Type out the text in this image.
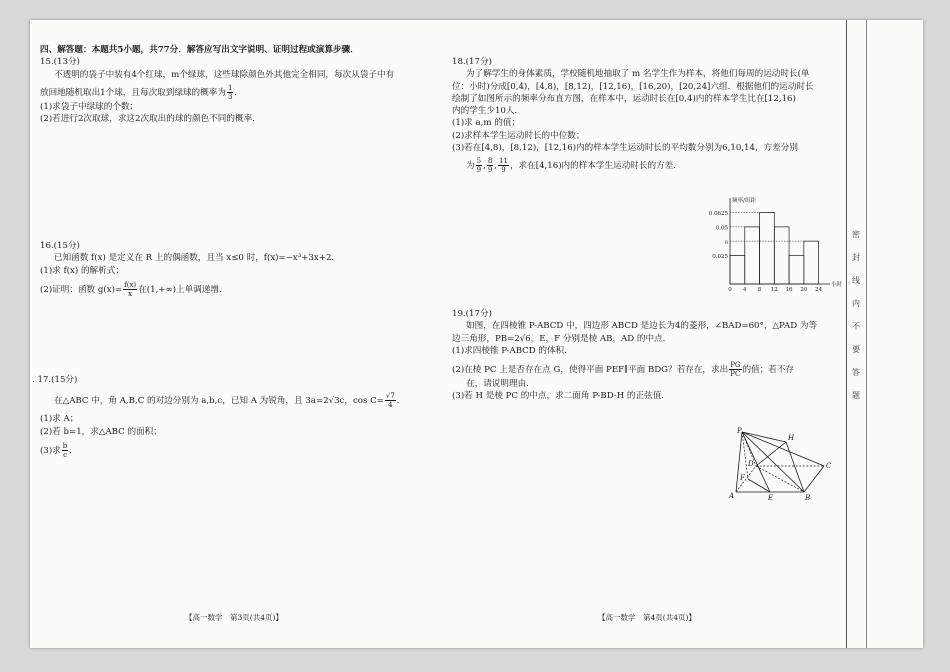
密
封
线
内
不
要
答
题
四、解答题：本题共5小题，共77分．解答应写出文字说明、证明过程或演算步骤．
15.(13分)
不透明的袋子中装有4个红球，m个绿球，这些球除颜色外其他完全相同，每次从袋子中有
放回地随机取出1个球，且每次取到绿球的概率为 $\frac{1}{3}$ ．
(1)求袋子中绿球的个数；
(2)若进行2次取球，求这2次取出的球的颜色不同的概率．
16.(15分)
已知函数 f(x) 是定义在 R 上的偶函数，且当 x≤0 时，f(x)=−x³+3x+2．
(1)求 f(x) 的解析式；
(2)证明：函数 $g(x)= \frac{f(x)}{x}$ 在(1,+∞)上单调递增．
. 17.(15分)
在△ABC 中，角 A,B,C 的对边分别为 a,b,c，已知 A 为锐角，且 3a=2√3c，$\cos C= \frac{√7}{4}$ ．
(1)求 A；
(2)若 b=1，求△ABC 的面积；
(3)求 $\frac{b}{c}$ ．
【高一数学　第3页(共4页)】
18.(17分)
为了解学生的身体素质，学校随机地抽取了 m 名学生作为样本，将他们每周的运动时长(单
位：小时)分成[0,4)，[4,8)，[8,12)，[12,16)，[16,20)，[20,24]六组．根据他们的运动时长
绘制了如图所示的频率分布直方图，在样本中，运动时长在[0,4)内的样本学生比在[12,16)
内的学生少10人．
(1)求 a,m 的值；
(2)求样本学生运动时长的中位数；
(3)若在[4,8)，[8,12)，[12,16)内的样本学生运动时长的平均数分别为6,10,14，方差分别
为 $\frac{5}{9}$ , $\frac{8}{9}$ , $\frac{11}{9}$ ，求在[4,16)内的样本学生运动时长的方差．
19.(17分)
如图，在四棱锥 P-ABCD 中，四边形 ABCD 是边长为4的菱形，∠BAD=60°，△PAD 为等
边三角形，PB=2√6，E，F 分别是棱 AB，AD 的中点．
(1)求四棱锥 P-ABCD 的体积．
(2)在棱 PC 上是否存在点 G，使得平面 PEF∥平面 BDG？若存在，求出 $\frac{PG}{PC}$ 的值；若不存
在，请说明理由．
(3)若 H 是棱 PC 的中点，求二面角 P-BD-H 的正弦值．
【高一数学　第4页(共4页)】
0.025
a
0.05
0.0625
0 4 8 12 16 20 24
频率/组距
小时
P
H
D
F
C
A	E	B
